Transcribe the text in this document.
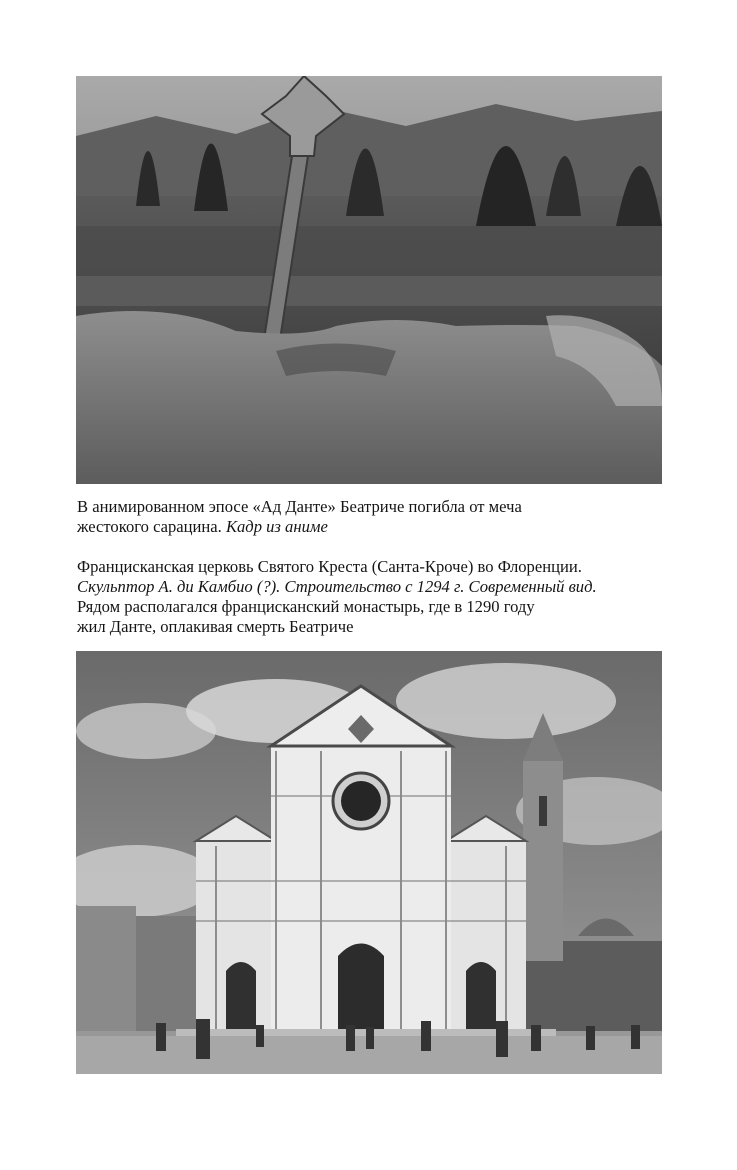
В анимированном эпосе «Ад Данте» Беатриче погибла от меча
жестокого сарацина. Кадр из аниме
Францисканская церковь Святого Креста (Санта-Кроче) во Флоренции.
Скульптор А. ди Камбио (?). Строительство с 1294 г. Современный вид.
Рядом располагался францисканский монастырь, где в 1290 году
жил Данте, оплакивая смерть Беатриче
